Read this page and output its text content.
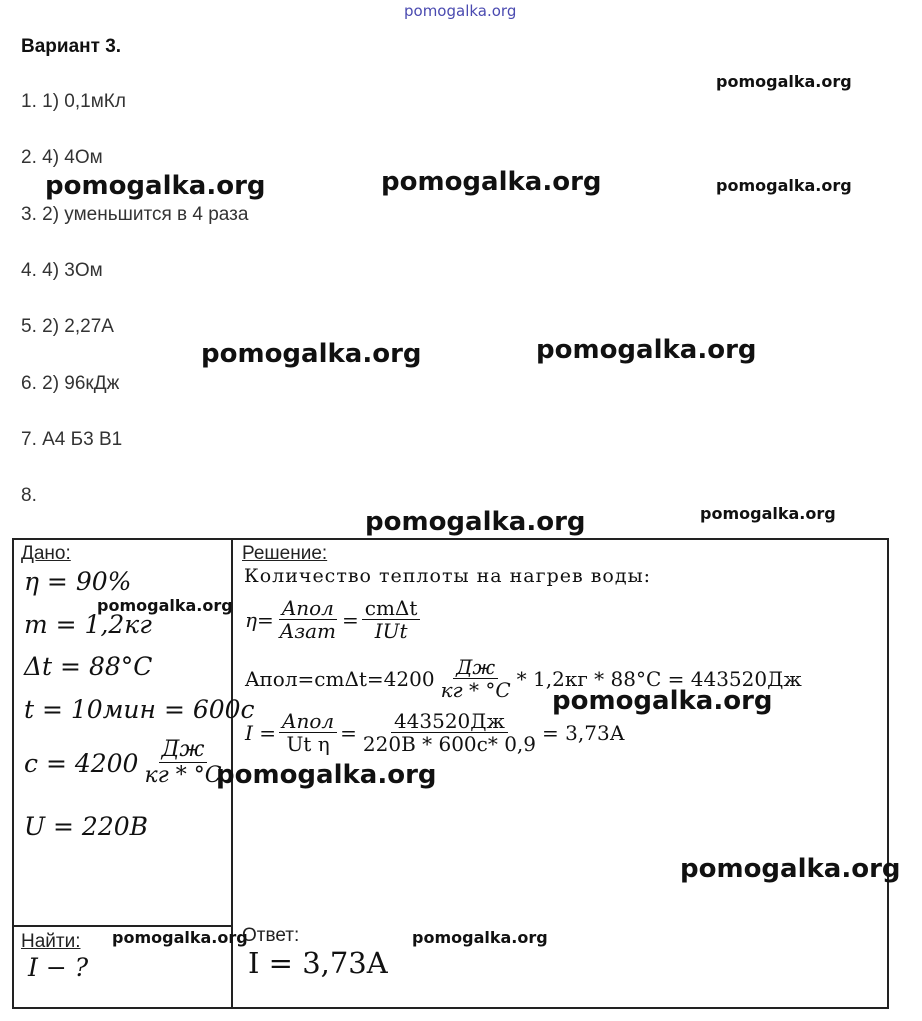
pomogalka.org
Вариант 3.
1. 1) 0,1мКл
2. 4) 4Ом
3. 2) уменьшится в 4 раза
4. 4) 3Ом
5. 2) 2,27А
6. 2) 96кДж
7. А4 Б3 В1
8.
Дано:
η = 90%
m = 1,2кг
Δt = 88°C
t = 10мин = 600с
$c = 4200 \frac{Дж}{кг * ^\circ C}$
U = 220В
Найти:
I − ?
Решение:
Количество теплоты на нагрев воды:
$\eta= \frac{\text{Aпол}}{\text{Aзат}} = \frac{\text{cmΔt}}{\text{IUt}}$
Aпол=cmΔt=4200 $\frac{Дж}{кг * ^\circ C} * 1,2кг * 88^\circ C = 443520Дж$
$I = \frac{\text{Aпол}}{\text{Ut η}} = \frac{443520Дж}{220В * 600с* 0,9} = 3,73А$
Ответ:
I = 3,73A
pomogalka.org
pomogalka.org	pomogalka.org	pomogalka.org
pomogalka.org	pomogalka.org
pomogalka.org	pomogalka.org
pomogalka.org
pomogalka.org
pomogalka.org
pomogalka.org
pomogalka.org	pomogalka.org
